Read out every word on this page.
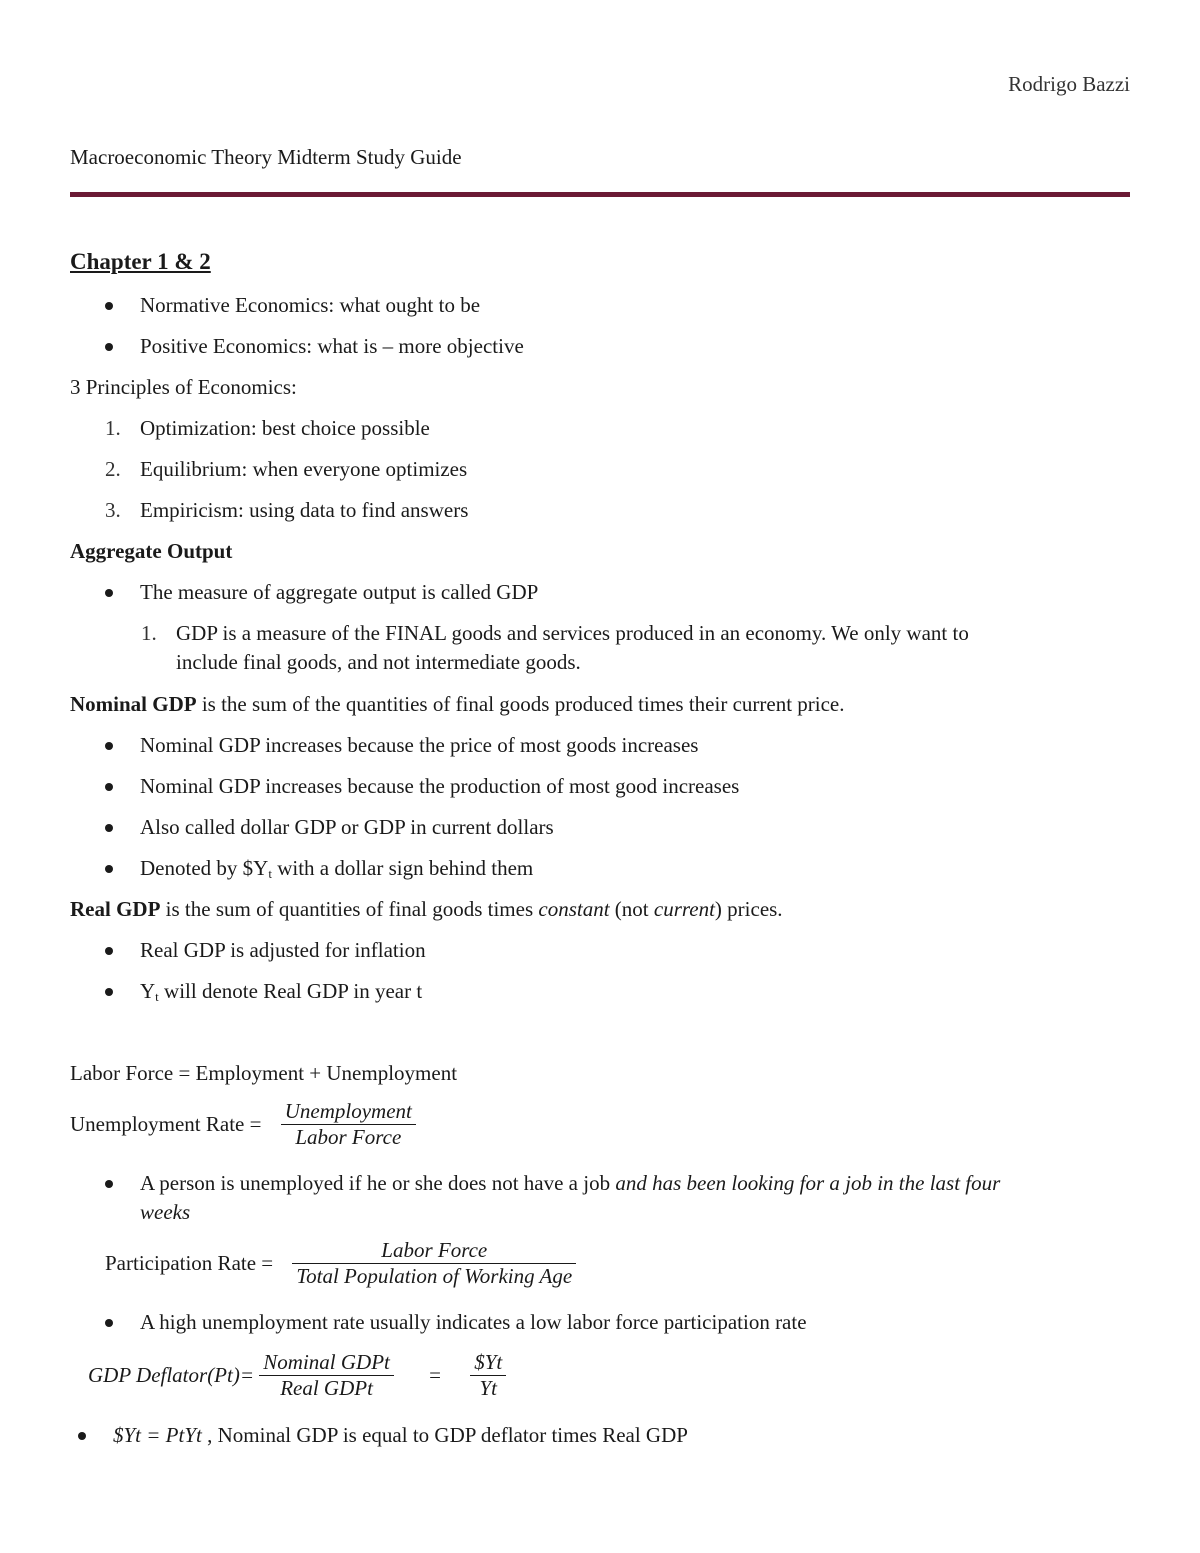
Rodrigo Bazzi
Macroeconomic Theory Midterm Study Guide
Chapter 1 & 2
Normative Economics: what ought to be
Positive Economics: what is – more objective
3 Principles of Economics:
1. Optimization: best choice possible
2. Equilibrium: when everyone optimizes
3. Empiricism: using data to find answers
Aggregate Output
The measure of aggregate output is called GDP
1. GDP is a measure of the FINAL goods and services produced in an economy. We only want to
include final goods, and not intermediate goods.
Nominal GDP is the sum of the quantities of final goods produced times their current price.
Nominal GDP increases because the price of most goods increases
Nominal GDP increases because the production of most good increases
Also called dollar GDP or GDP in current dollars
Denoted by $\$Y_t$ with a dollar sign behind them
Real GDP is the sum of quantities of final goods times constant (not current) prices.
Real GDP is adjusted for inflation
$Y_t$ will denote Real GDP in year t
Labor Force = Employment + Unemployment
Unemployment Rate = $\frac{\text{Unemployment}}{\text{Labor Force}}$
A person is unemployed if he or she does not have a job and has been looking for a job in the last four
weeks
Participation Rate = $\frac{\text{Labor Force}}{\text{Total Population of Working Age}}$
A high unemployment rate usually indicates a low labor force participation rate
GDP Deflator(Pt)= $\frac{\text{Nominal GDPt}}{\text{Real GDPt}} = \frac{\$Yt}{Yt}$
$Yt = PtYt , Nominal GDP is equal to GDP deflator times Real GDP
